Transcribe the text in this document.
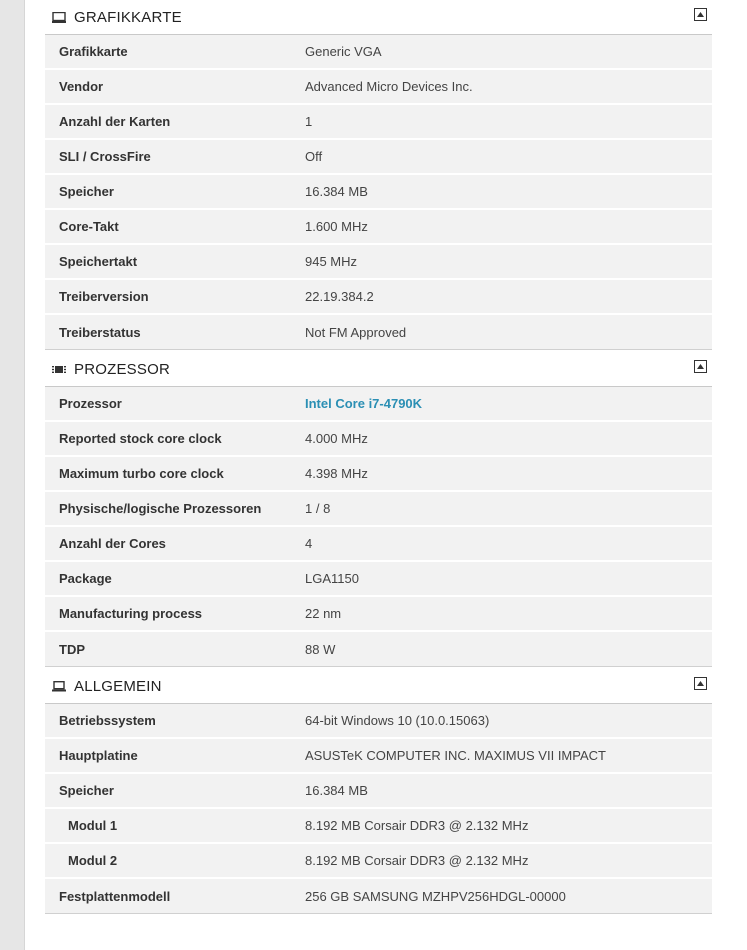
GRAFIKKARTE
Grafikkarte	Generic VGA
Vendor	Advanced Micro Devices Inc.
Anzahl der Karten	1
SLI / CrossFire	Off
Speicher	16.384 MB
Core-Takt	1.600 MHz
Speichertakt	945 MHz
Treiberversion	22.19.384.2
Treiberstatus	Not FM Approved
PROZESSOR
Prozessor	Intel Core i7-4790K
Reported stock core clock	4.000 MHz
Maximum turbo core clock	4.398 MHz
Physische/logische Prozessoren	1 / 8
Anzahl der Cores	4
Package	LGA1150
Manufacturing process	22 nm
TDP	88 W
ALLGEMEIN
Betriebssystem	64-bit Windows 10 (10.0.15063)
Hauptplatine	ASUSTeK COMPUTER INC. MAXIMUS VII IMPACT
Speicher	16.384 MB
Modul 1	8.192 MB Corsair DDR3 @ 2.132 MHz
Modul 2	8.192 MB Corsair DDR3 @ 2.132 MHz
Festplattenmodell	256 GB SAMSUNG MZHPV256HDGL-00000
